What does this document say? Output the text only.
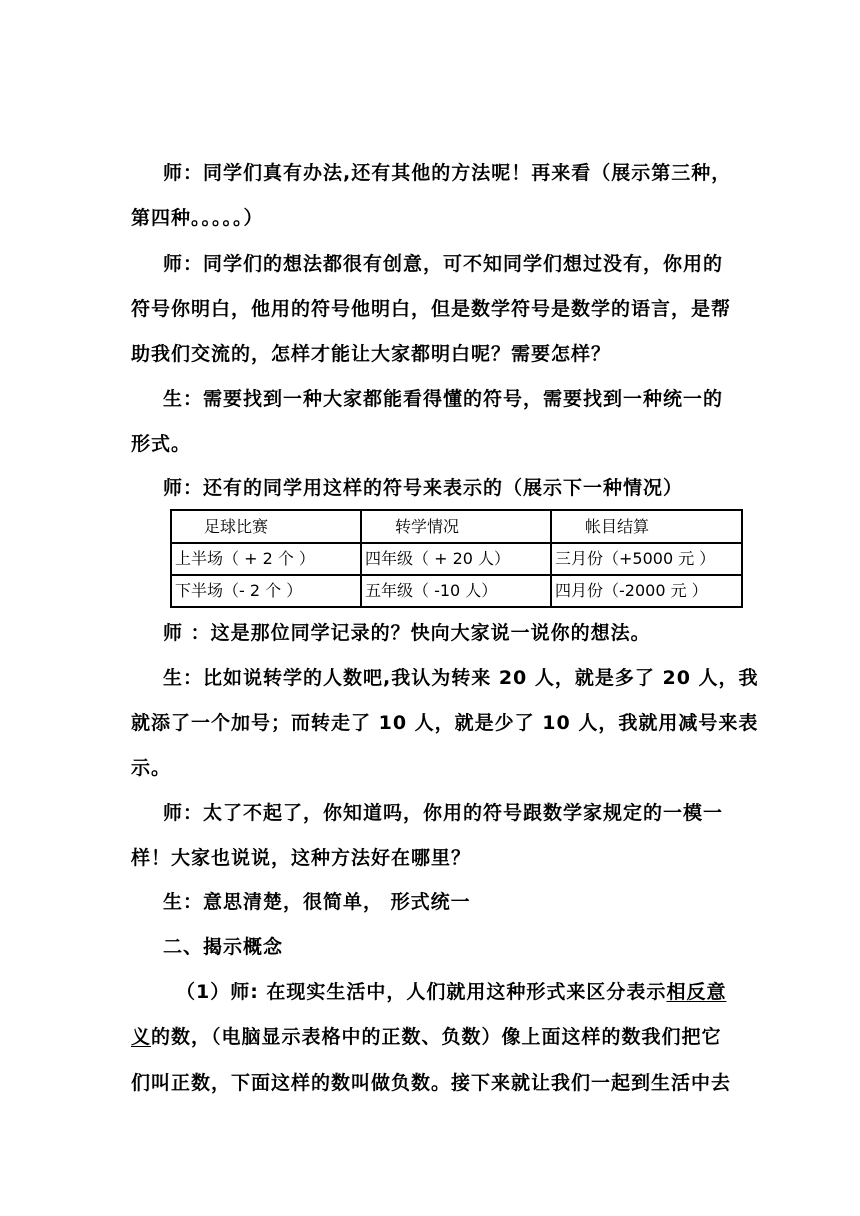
师：同学们真有办法,还有其他的方法呢！再来看（展示第三种，
第四种。。。。。）
师：同学们的想法都很有创意，可不知同学们想过没有，你用的
符号你明白，他用的符号他明白，但是数学符号是数学的语言，是帮
助我们交流的，怎样才能让大家都明白呢？需要怎样？
生：需要找到一种大家都能看得懂的符号，需要找到一种统一的
形式。
师：还有的同学用这样的符号来表示的（展示下一种情况）
足球比赛	转学情况	帐目结算
上半场（ + 2 个 ）	四年级（ + 20 人）	三月份（+5000 元 ）
下半场（- 2 个 ）	五年级（ -10 人）	四月份（-2000 元 ）
师 ：这是那位同学记录的？快向大家说一说你的想法。
生：比如说转学的人数吧,我认为转来 20 人，就是多了 20 人，我
就添了一个加号；而转走了 10 人，就是少了 10 人，我就用减号来表
示。
师：太了不起了，你知道吗，你用的符号跟数学家规定的一模一
样！大家也说说，这种方法好在哪里？
生：意思清楚，很简单， 形式统一
二、揭示概念
（1）师: 在现实生活中，人们就用这种形式来区分表示相反意
义的数，（电脑显示表格中的正数、负数）像上面这样的数我们把它
们叫正数，下面这样的数叫做负数。接下来就让我们一起到生活中去
